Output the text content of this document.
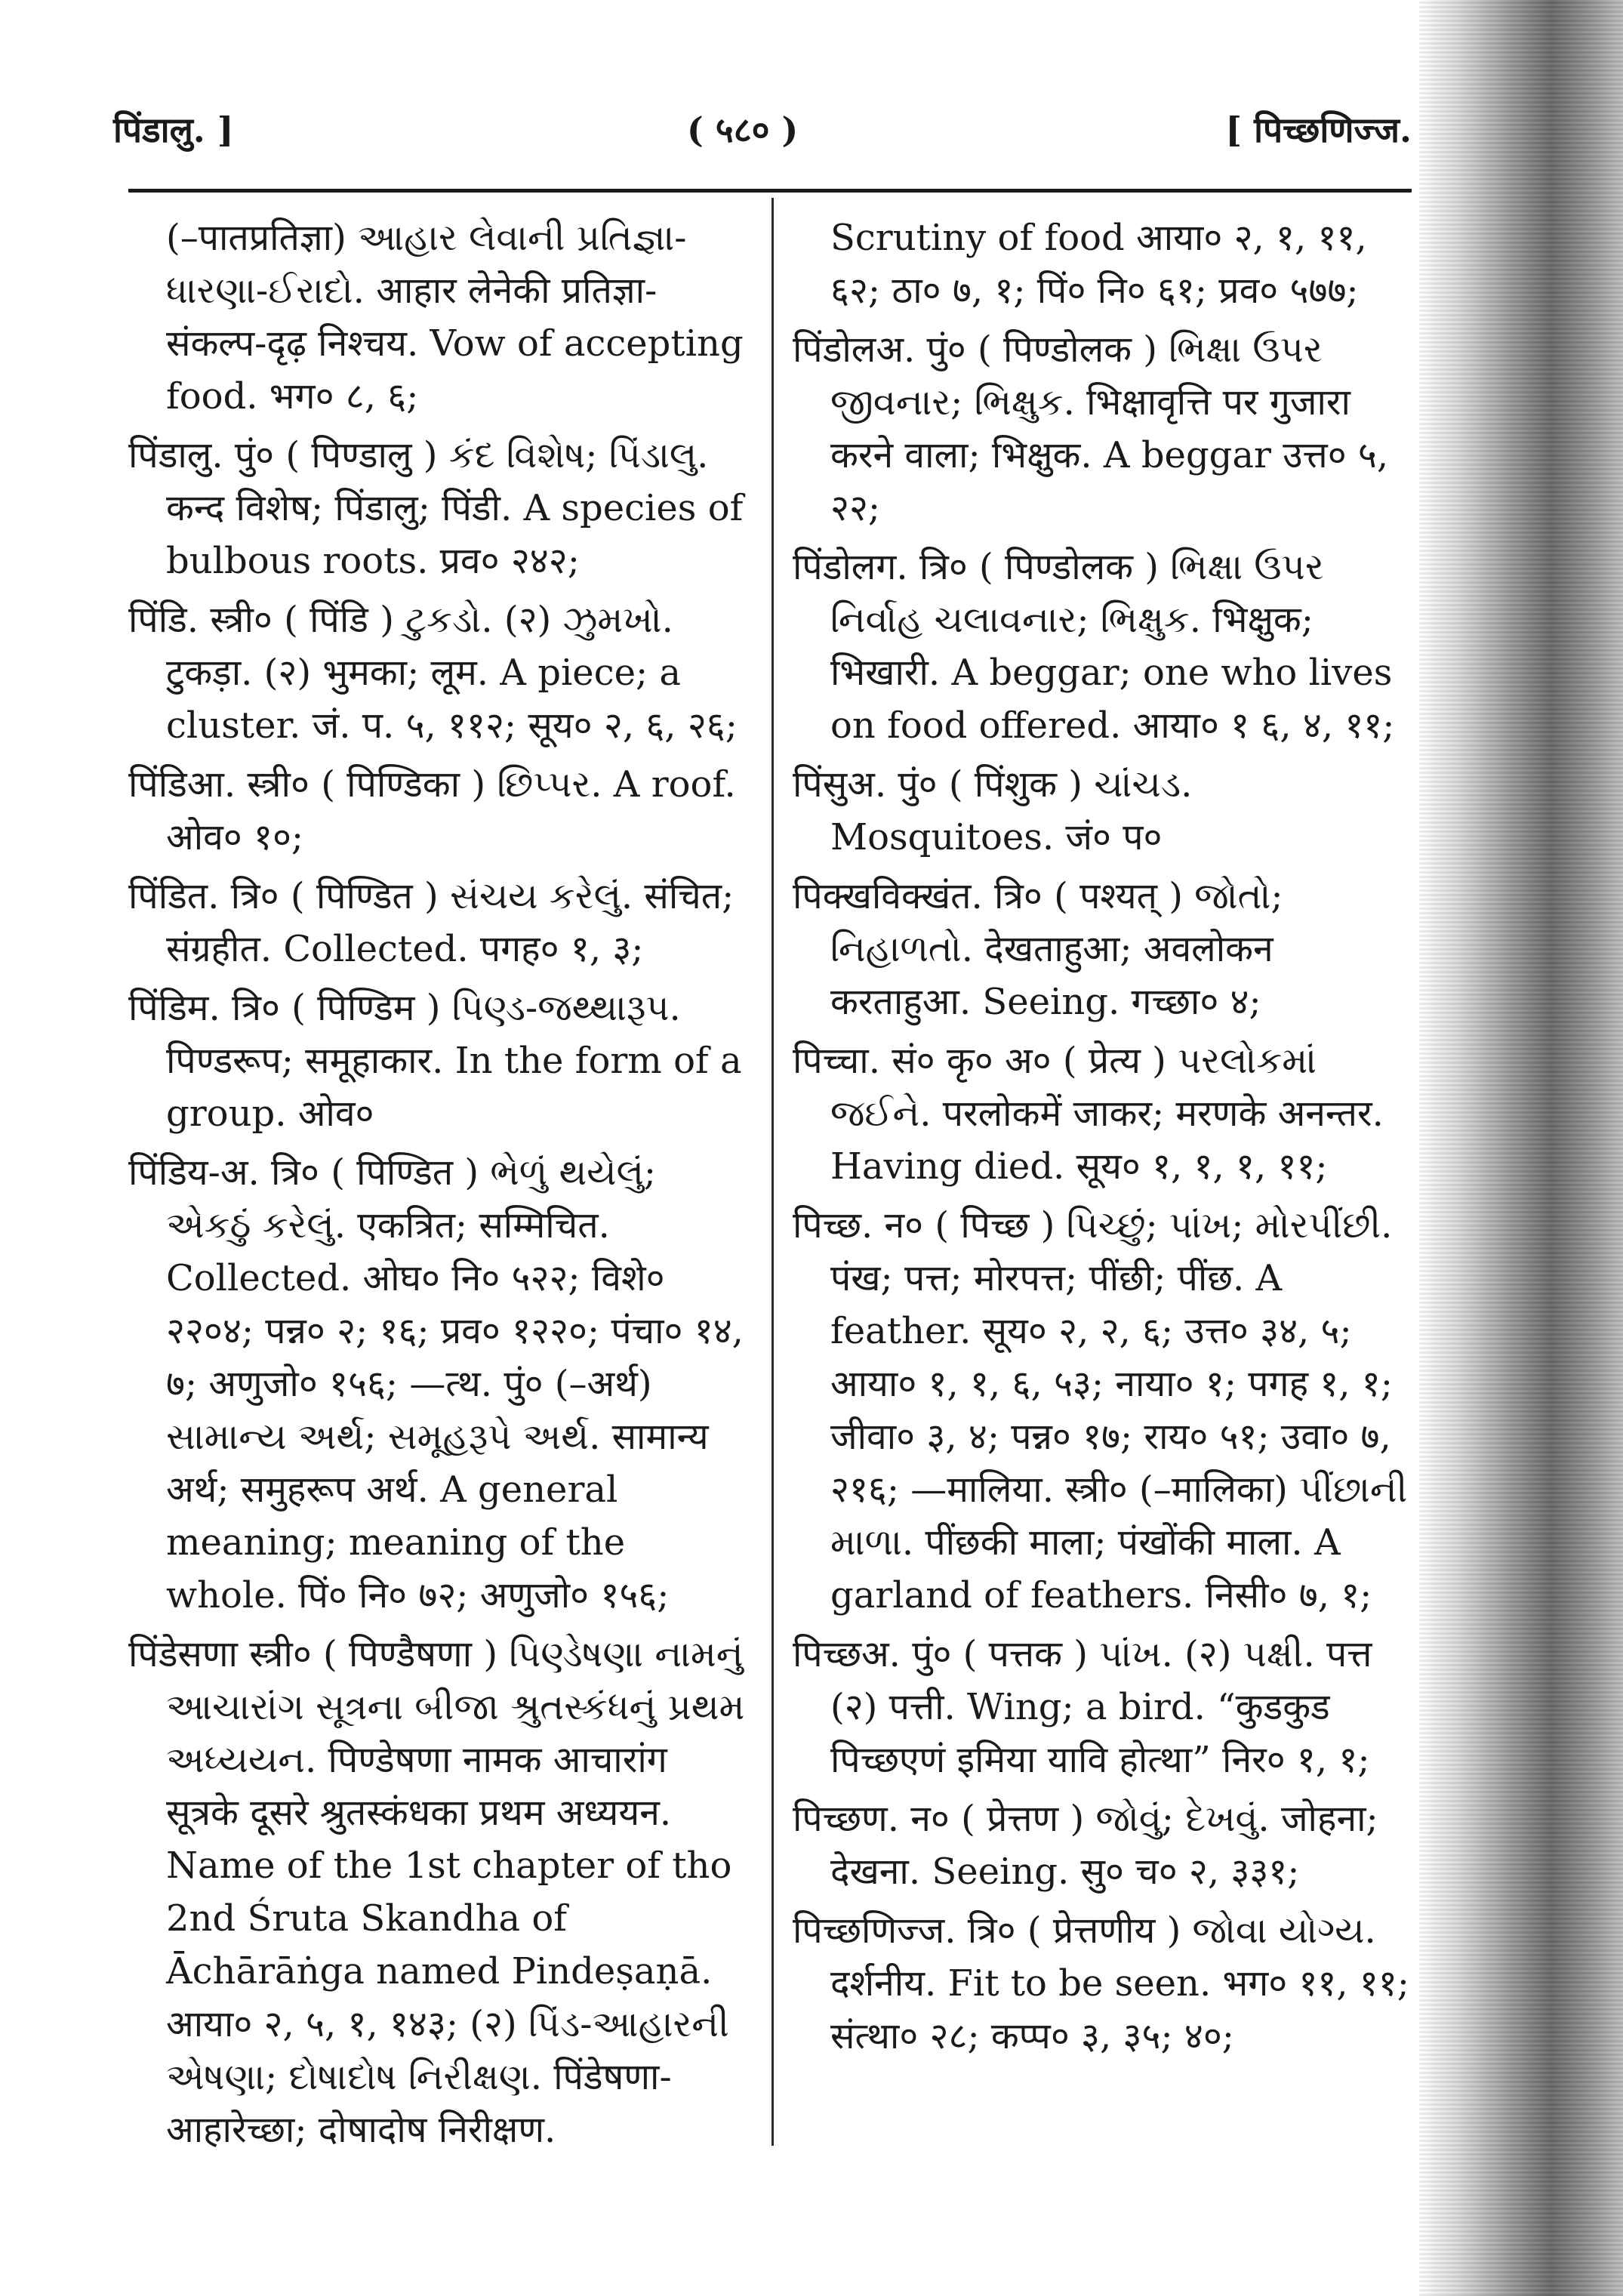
पिंडालु. ]	( ५८० )	[ पिच्छणिज्ज.

(–पातप्रतिज्ञा) આહાર લેવાની પ્રતિજ્ઞા-ધારણા-ઈરાદો. आहार लेनेकी प्रतिज्ञा-संकल्प-दृढ़ निश्चय. Vow of accepting food. भग० ८, ६;

पिंडालु. पुं० ( पिण्डालु ) કંદ વિશેષ; પિંડાલુ. कन्द विशेष; पिंडालु; पिंडी. A species of bulbous roots. प्रव० २४२;

पिंडि. स्त्री० ( पिंडि ) ટુકડો. (२) ઝુમખો. टुकड़ा. (२) भुमका; लूम. A piece; a cluster. जं. प. ५, ११२; सूय० २, ६, २६;

पिंडिआ. स्त्री० ( पिण्डिका ) છિપ્પર. A roof. ओव० १०;

पिंडित. त्रि० ( पिण्डित ) સંચય કરેલું. संचित; संग्रहीत. Collected. पगह० १, ३;

पिंडिम. त्रि० ( पिण्डिम ) પિણ્ડ-જથ્થારૂપ. पिण्डरूप; समूहाकार. In the form of a group. ओव०

पिंडिय-अ. त्रि० ( पिण्डित ) ભેળું થયેલું; એકઠું કરેલું. एकत्रित; सम्मिचित. Collected. ओघ० नि० ५२२; विशे० २२०४; पन्न० २; १६; प्रव० १२२०; पंचा० १४, ७; अणुजो० १५६; —त्थ. पुं० (–अर्थ) સામાન્ય અર્થ; સમૂહરૂપે અર્થ. सामान्य अर्थ; समुहरूप अर्थ. A general meaning; meaning of the whole. पिं० नि० ७२; अणुजो० १५६;

पिंडेसणा स्त्री० ( पिण्डैषणा ) પિણ્ડેષણા નામનું આચારાંગ સૂત્રના બીજા શ્રુતસ્કંધનું પ્રથમ અધ્યયન. पिण्डेषणा नामक आचारांग सूत्रके दूसरे श्रुतस्कंधका प्रथम अध्ययन. Name of the 1st chapter of tho 2nd Śruta Skandha of Āchārāṅga named Pindeṣaṇā. आया० २, ५, १, १४३; (२) પિંડ-આહારની એષણા; દોષાદોષ નિરીક્ષણ. पिंडेषणा-आहारेच्छा; दोषादोष निरीक्षण.

Scrutiny of food आया० २, १, ११, ६२; ठा० ७, १; पिं० नि० ६१; प्रव० ५७७;

पिंडोलअ. पुं० ( पिण्डोलक ) ભિક્ષા ઉપર જીવનાર; ભિક્ષુક. भिक्षावृत्ति पर गुजारा करने वाला; भिक्षुक. A beggar उत्त० ५, २२;

पिंडोलग. त्रि० ( पिण्डोलक ) ભિક્ષા ઉપર નિર્વાહ ચલાવનાર; ભિક્ષુક. भिक्षुक; भिखारी. A beggar; one who lives on food offered. आया० १ ६, ४, ११;

पिंसुअ. पुं० ( पिंशुक ) ચાંચડ. Mosquitoes. जं० प०

पिक्खविक्खंत. त्रि० ( पश्यत् ) જોતો; નિહાળતો. देखताहुआ; अवलोकन करताहुआ. Seeing. गच्छा० ४;

पिच्चा. सं० कृ० अ० ( प्रेत्य ) પરલોકમાં જઈને. परलोकमें जाकर; मरणके अनन्तर. Having died. सूय० १, १, १, ११;

पिच्छ. न० ( पिच्छ ) પિચ્છું; પાંખ; મોરપીંછી. पंख; पत्त; मोरपत्त; पींछी; पींछ. A feather. सूय० २, २, ६; उत्त० ३४, ५; आया० १, १, ६, ५३; नाया० १; पगह १, १; जीवा० ३, ४; पन्न० १७; राय० ५१; उवा० ७, २१६; —मालिया. स्त्री० (–मालिका) પીંછાની માળા. पींछकी माला; पंखोंकी माला. A garland of feathers. निसी० ७, १;

पिच्छअ. पुं० ( पत्तक ) પાંખ. (२) પક્ષી. पत्त (२) पत्ती. Wing; a bird. “कुडकुड पिच्छएणं इमिया यावि होत्था” निर० १, १;

पिच्छण. न० ( प्रेत्तण ) જોવું; દેખવું. जोहना; देखना. Seeing. सु० च० २, ३३१;

पिच्छणिज्ज. त्रि० ( प्रेत्तणीय ) જોવા યોગ્ય. दर्शनीय. Fit to be seen. भग० ११, ११; संत्था० २८; कप्प० ३, ३५; ४०;
